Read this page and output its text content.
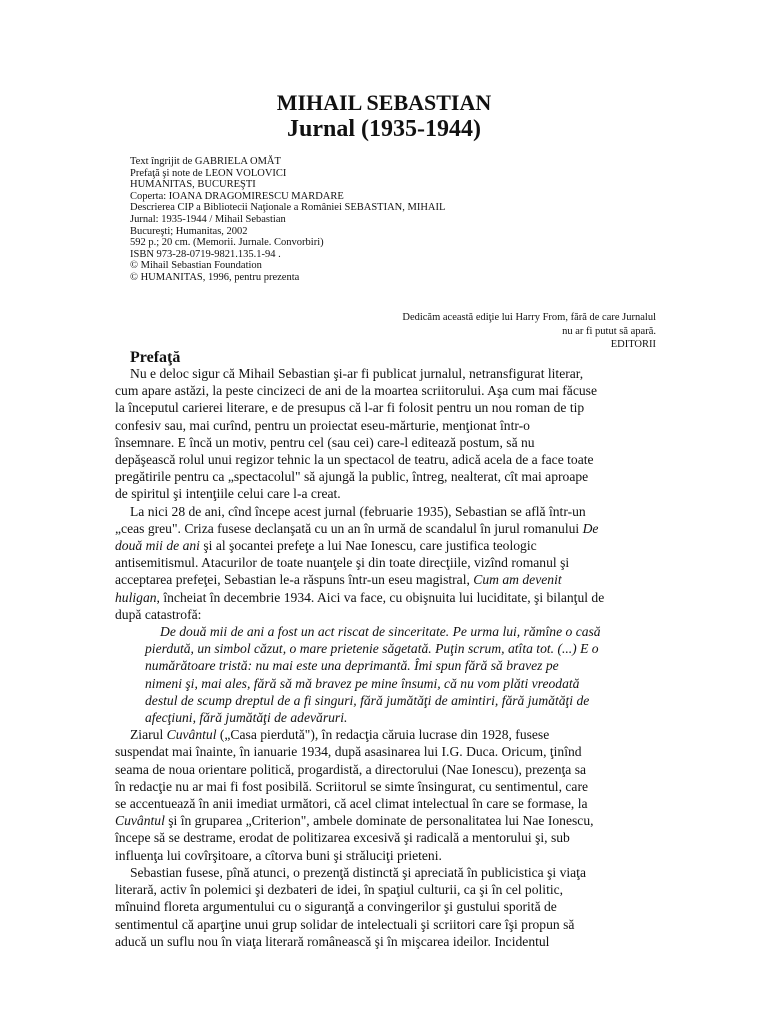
MIHAIL SEBASTIAN
Jurnal (1935-1944)
Text îngrijit de GABRIELA OMĂT
Prefaţă şi note de LEON VOLOVICI
HUMANITAS, BUCUREŞTI
Coperta: IOANA DRAGOMIRESCU MARDARE
Descrierea CIP a Bibliotecii Naţionale a României SEBASTIAN, MIHAIL
Jurnal: 1935-1944 / Mihail Sebastian
Bucureşti; Humanitas, 2002
592 p.; 20 cm. (Memorii. Jurnale. Convorbiri)
ISBN 973-28-0719-9821.135.1-94 .
© Mihail Sebastian Foundation
© HUMANITAS, 1996, pentru prezenta
Dedicăm această ediţie lui Harry From, fără de care Jurnalul
nu ar fi putut să apară.
EDITORII
Prefaţă
Nu e deloc sigur că Mihail Sebastian şi-ar fi publicat jurnalul, netransfigurat literar,
cum apare astăzi, la peste cincizeci de ani de la moartea scriitorului. Aşa cum mai făcuse
la începutul carierei literare, e de presupus că l-ar fi folosit pentru un nou roman de tip
confesiv sau, mai curînd, pentru un proiectat eseu-mărturie, menţionat într-o
însemnare. E încă un motiv, pentru cel (sau cei) care-l editează postum, să nu
depăşească rolul unui regizor tehnic la un spectacol de teatru, adică acela de a face toate
pregătirile pentru ca „spectacolul" să ajungă la public, întreg, nealterat, cît mai aproape
de spiritul şi intenţiile celui care l-a creat.
La nici 28 de ani, cînd începe acest jurnal (februarie 1935), Sebastian se află într-un
„ceas greu". Criza fusese declanşată cu un an în urmă de scandalul în jurul romanului De
două mii de ani şi al şocantei prefeţe a lui Nae Ionescu, care justifica teologic
antisemitismul. Atacurilor de toate nuanţele şi din toate direcţiile, vizînd romanul şi
acceptarea prefeţei, Sebastian le-a răspuns într-un eseu magistral, Cum am devenit
huligan, încheiat în decembrie 1934. Aici va face, cu obişnuita lui luciditate, şi bilanţul de
după catastrofă:
De două mii de ani a fost un act riscat de sinceritate. Pe urma lui, rămîne o casă
pierdută, un simbol căzut, o mare prietenie săgetată. Puţin scrum, atîta tot. (...) E o
numărătoare tristă: nu mai este una deprimantă. Îmi spun fără să bravez pe
nimeni şi, mai ales, fără să mă bravez pe mine însumi, că nu vom plăti vreodată
destul de scump dreptul de a fi singuri, fără jumătăţi de amintiri, fără jumătăţi de
afecţiuni, fără jumătăţi de adevăruri.
Ziarul Cuvântul („Casa pierdută"), în redacţia căruia lucrase din 1928, fusese
suspendat mai înainte, în ianuarie 1934, după asasinarea lui I.G. Duca. Oricum, ţinînd
seama de noua orientare politică, progardistă, a directorului (Nae Ionescu), prezenţa sa
în redacţie nu ar mai fi fost posibilă. Scriitorul se simte însingurat, cu sentimentul, care
se accentuează în anii imediat următori, că acel climat intelectual în care se formase, la
Cuvântul şi în gruparea „Criterion", ambele dominate de personalitatea lui Nae Ionescu,
începe să se destrame, erodat de politizarea excesivă şi radicală a mentorului şi, sub
influenţa lui covîrşitoare, a cîtorva buni şi străluciţi prieteni.
Sebastian fusese, pînă atunci, o prezenţă distinctă şi apreciată în publicistica şi viaţa
literară, activ în polemici şi dezbateri de idei, în spaţiul culturii, ca şi în cel politic,
mînuind floreta argumentului cu o siguranţă a convingerilor şi gustului sporită de
sentimentul că aparţine unui grup solidar de intelectuali şi scriitori care îşi propun să
aducă un suflu nou în viaţa literară românească şi în mişcarea ideilor. Incidentul
